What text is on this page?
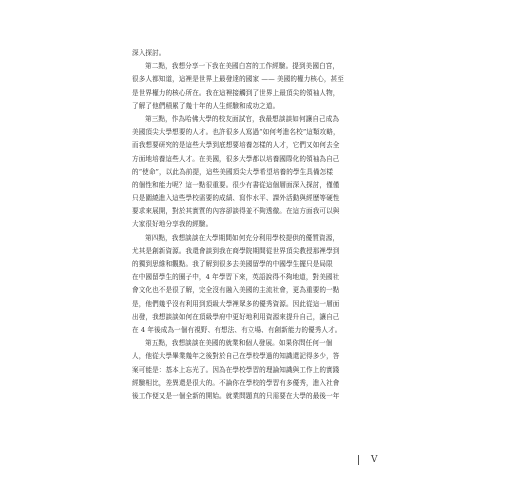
深入探討。
第二點，我想分享一下我在美國白宮的工作經驗。提到美國白宮，
很多人都知道，這裡是世界上最發達的國家 —— 美國的權力核心，甚至
是世界權力的核心所在。我在這裡接觸到了世界上最頂尖的領袖人物，
了解了他們積累了幾十年的人生經驗和成功之道。
第三點，作為哈佛大學的校友面試官，我最想談談如何讓自己成為
美國頂尖大學想要的人才。也許很多人寫過“如何考進名校”這類攻略，
而我想要研究的是這些大學到底想要培養怎樣的人才，它們又如何去全
方面地培養這些人才。在美國，很多大學都以培養國際化的領袖為自己
的“使命”，以此為前提，這些美國頂尖大學希望培養的學生具備怎樣
的個性和能力呢？這一點很重要。很少有書從這個層面深入探討，僅僅
只是圍繞進入這些學校需要的成績、寫作水平、課外活動與經歷等硬性
要求來展開，對於其實質的內容卻談得並不夠透徹。在這方面我可以與
大家很好地分享我的經驗。
第四點，我想談談在大學期間如何充分利用學校提供的優質資源，
尤其是創新資源。我還會談到我在商學院期間從世界頂尖教授那裡學到
的獨到思維和觀點。我了解到很多去美國留學的中國學生擺只是局限
在中國留學生的圈子中，4 年學習下來，英語說得不夠地道，對美國社
會文化也不是很了解，完全沒有融入美國的主流社會，更為重要的一點
是，他們幾乎沒有利用到頂級大學裡眾多的優秀資源。因此從這一層面
出發，我想談談如何在頂級學府中更好地利用資源來提升自己，讓自己
在 4 年後成為一個有視野、有想法、有立場、有創新能力的優秀人才。
第五點，我想談談在美國的就業和個人發展。如果你問任何一個
人，他從大學畢業幾年之後對於自己在學校學過的知識還記得多少，答
案可能是：基本上忘光了。因為在學校學習的理論知識與工作上的實踐
經驗相比，差異還是很大的。不論你在學校的學習有多優秀，進入社會
後工作便又是一個全新的開始。就業問題真的只需要在大學的最後一年
V
